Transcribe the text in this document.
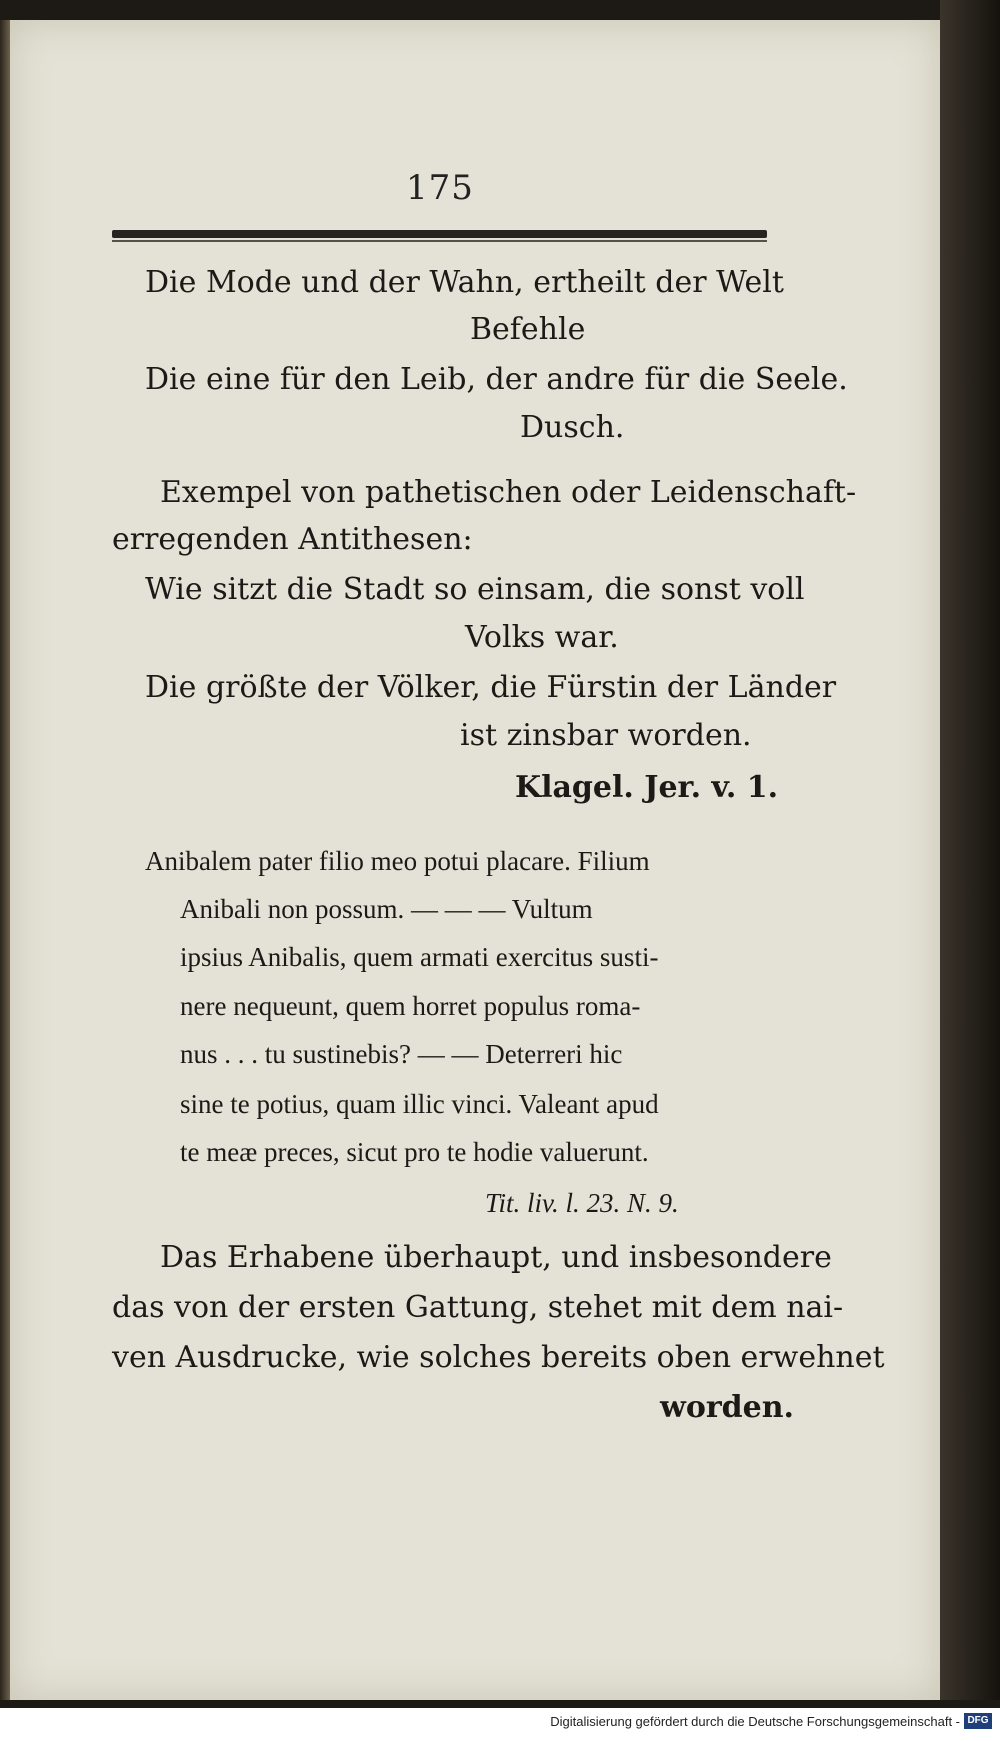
175
Die Mode und der Wahn, ertheilt der Welt
Befehle
Die eine für den Leib, der andre für die Seele.
Dusch.
Exempel von pathetischen oder Leidenschaft-
erregenden Antithesen:
Wie sitzt die Stadt so einsam, die sonst voll
Volks war.
Die größte der Völker, die Fürstin der Länder
ist zinsbar worden.
Klagel. Jer. v. 1.
Anibalem pater filio meo potui placare. Filium
Anibali non possum. — — — Vultum
ipsius Anibalis, quem armati exercitus susti-
nere nequeunt, quem horret populus roma-
nus . . . tu sustinebis? — — Deterreri hic
sine te potius, quam illic vinci. Valeant apud
te meæ preces, sicut pro te hodie valuerunt.
Tit. liv. l. 23. N. 9.
Das Erhabene überhaupt, und insbesondere
das von der ersten Gattung, stehet mit dem nai-
ven Ausdrucke, wie solches bereits oben erwehnet
worden.
Digitalisierung gefördert durch die Deutsche Forschungsgemeinschaft - DFG
